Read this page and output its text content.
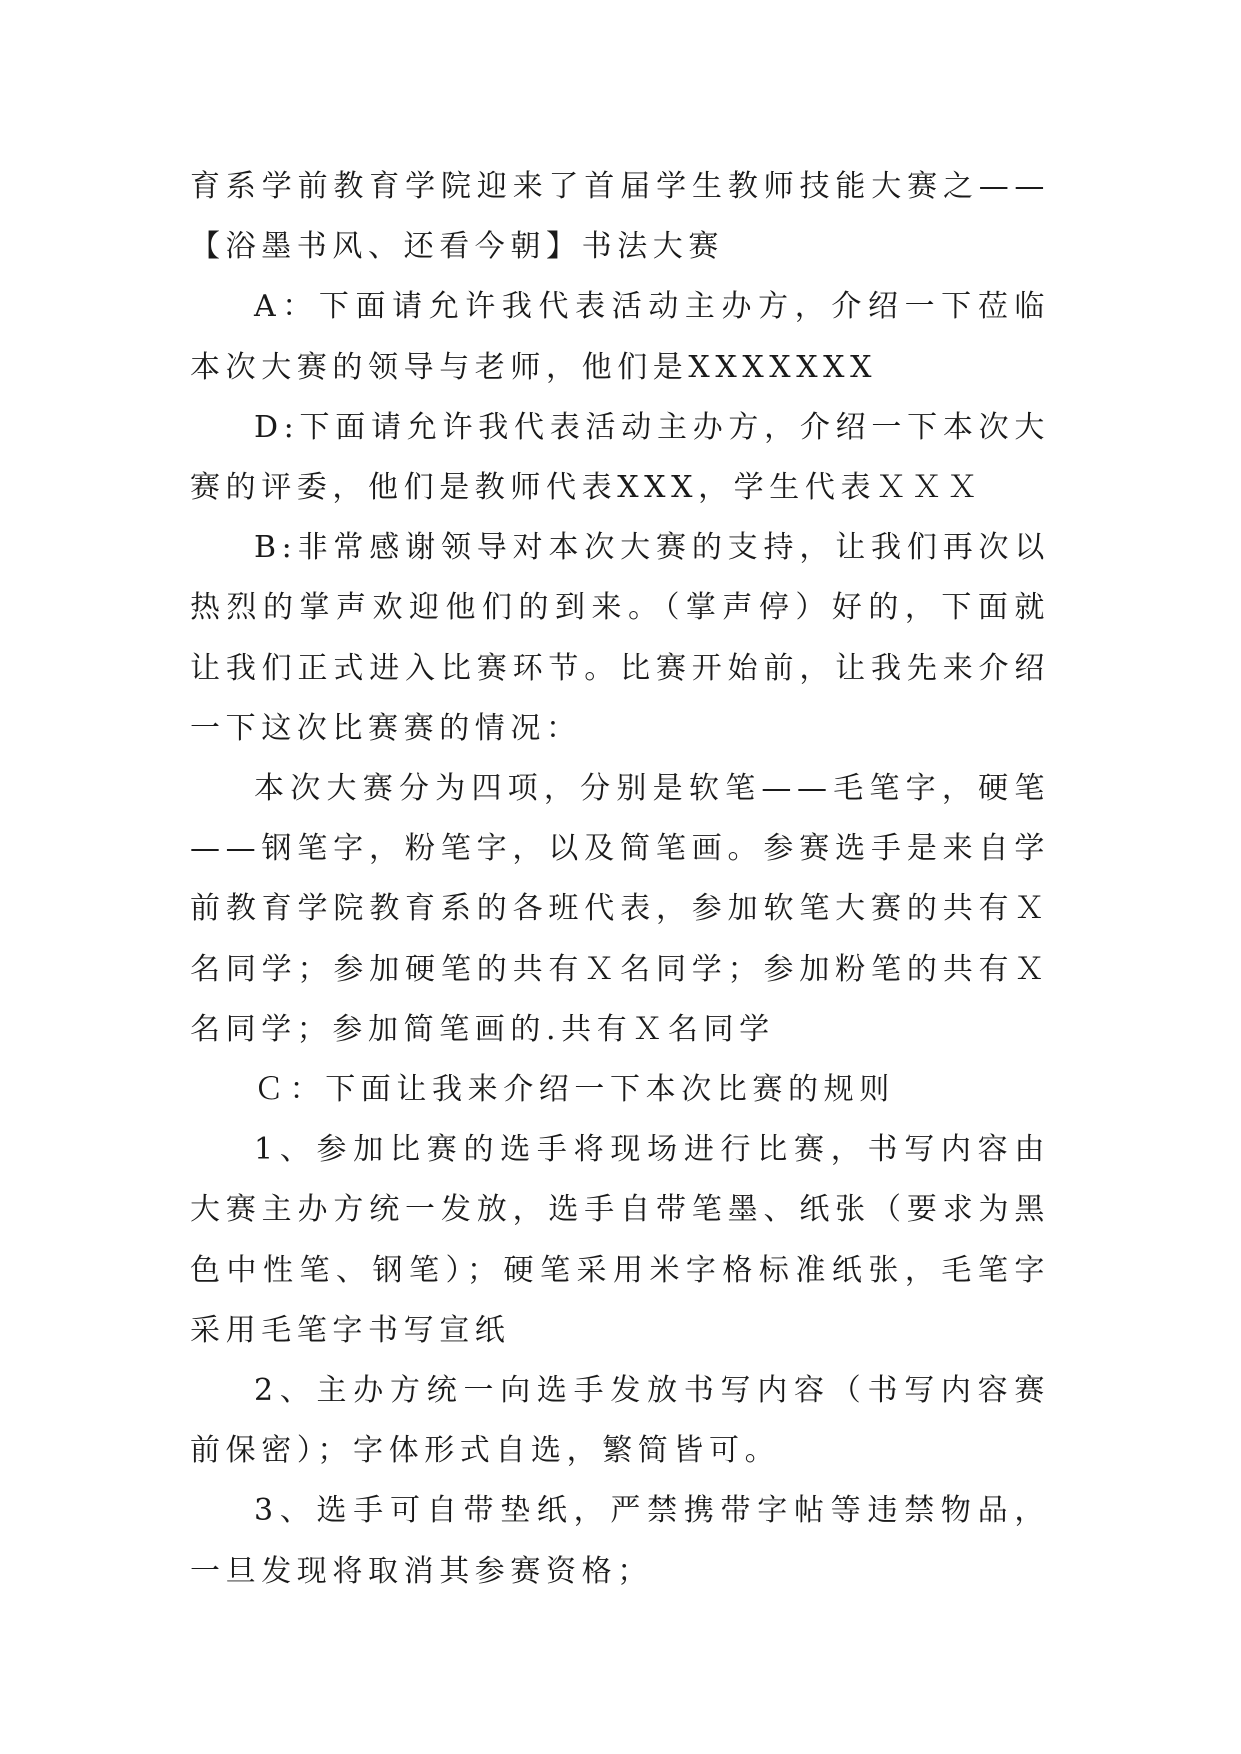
育系学前教育学院迎来了首届学生教师技能大赛之——【浴墨书风、还看今朝】书法大赛

A：下面请允许我代表活动主办方，介绍一下莅临本次大赛的领导与老师，他们是XXXXXXX

D:下面请允许我代表活动主办方，介绍一下本次大赛的评委，他们是教师代表XXX，学生代表ＸＸＸ

B:非常感谢领导对本次大赛的支持，让我们再次以热烈的掌声欢迎他们的到来。（掌声停）好的，下面就让我们正式进入比赛环节。比赛开始前，让我先来介绍一下这次比赛赛的情况：

本次大赛分为四项，分别是软笔——毛笔字，硬笔——钢笔字，粉笔字，以及简笔画。参赛选手是来自学前教育学院教育系的各班代表，参加软笔大赛的共有Ｘ名同学；参加硬笔的共有Ｘ名同学；参加粉笔的共有Ｘ名同学；参加简笔画的.共有Ｘ名同学

Ｃ：下面让我来介绍一下本次比赛的规则

1、参加比赛的选手将现场进行比赛，书写内容由大赛主办方统一发放，选手自带笔墨、纸张（要求为黑色中性笔、钢笔）；硬笔采用米字格标准纸张，毛笔字采用毛笔字书写宣纸

2、主办方统一向选手发放书写内容（书写内容赛前保密）；字体形式自选，繁简皆可。

3、选手可自带垫纸，严禁携带字帖等违禁物品，一旦发现将取消其参赛资格；
